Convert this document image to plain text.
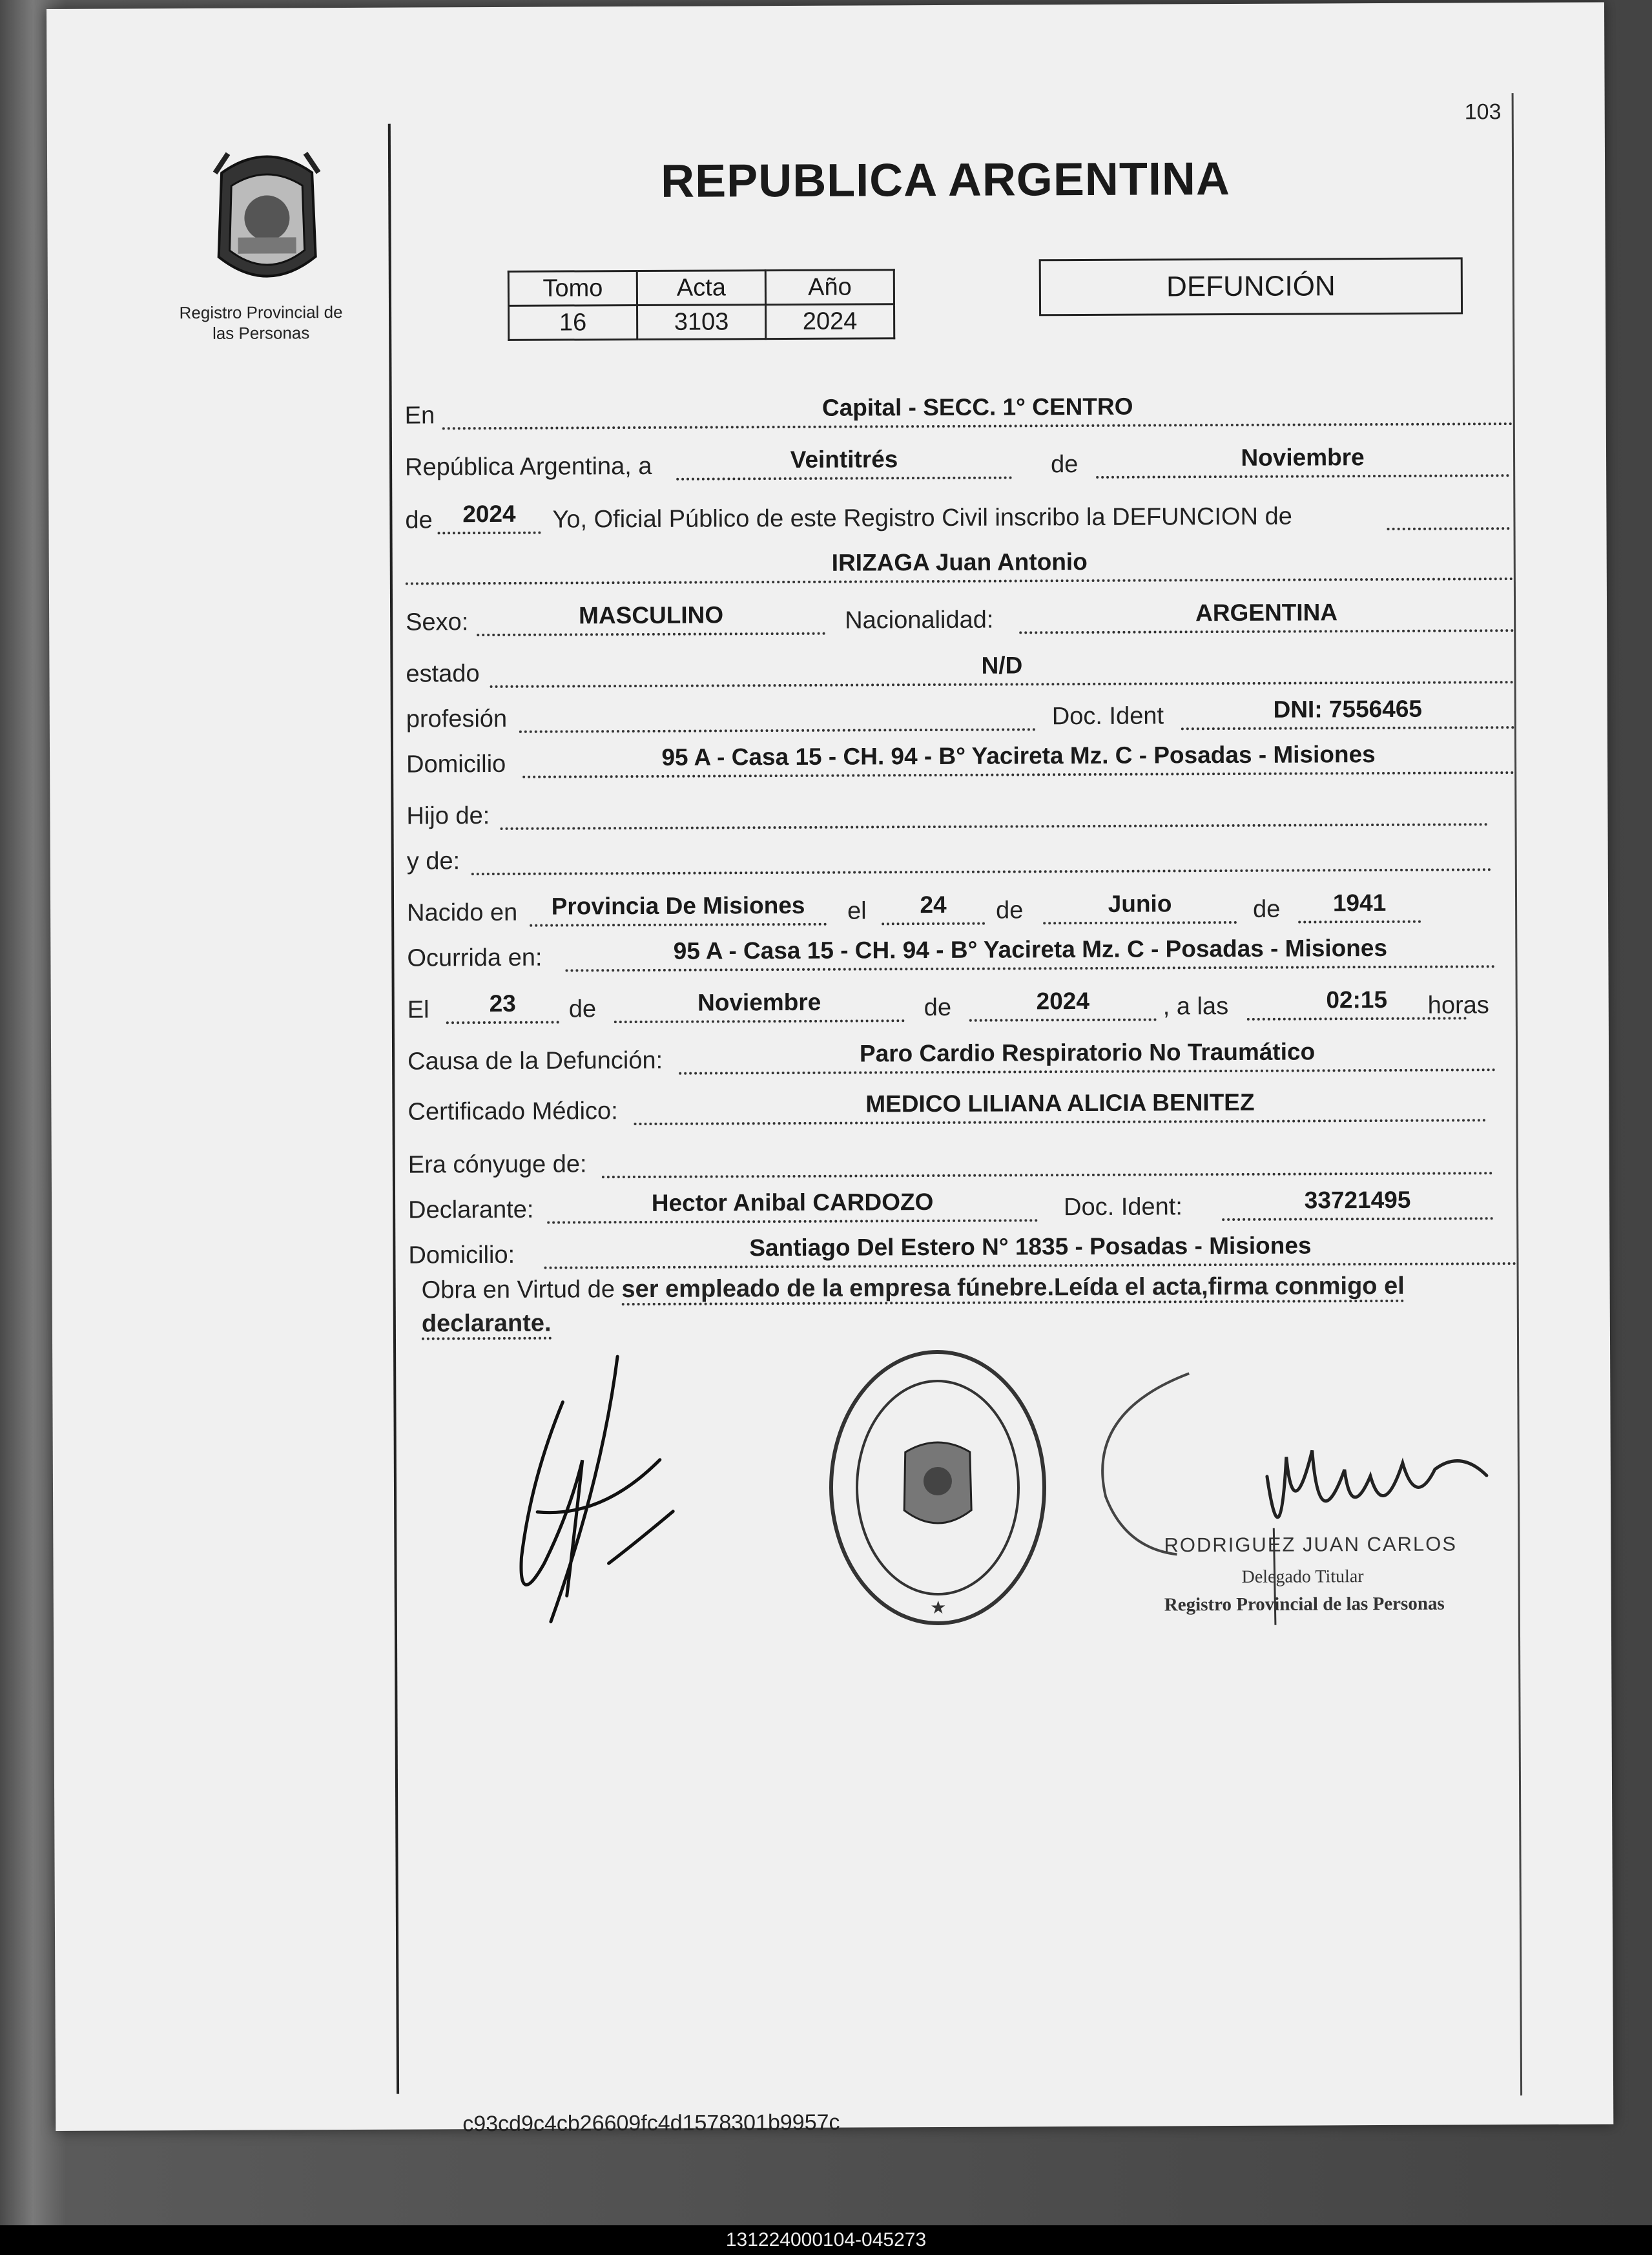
103
Registro Provincial de
las Personas
REPUBLICA ARGENTINA
Tomo	Acta	Año
16	3103	2024
DEFUNCIÓN
En	Capital - SECC. 1° CENTRO
República Argentina, a	Veintitrés	de	Noviembre
de	2024	Yo, Oficial Público de este Registro Civil inscribo la DEFUNCION de
IRIZAGA Juan Antonio
Sexo:	MASCULINO	Nacionalidad:	ARGENTINA
estado	N/D
profesión	Doc. Ident	DNI: 7556465
Domicilio	95 A - Casa 15 - CH. 94 - B° Yacireta Mz. C - Posadas - Misiones
Hijo de:
y de:
Nacido en	Provincia De Misiones	el	24	de	Junio	de	1941
Ocurrida en:	95 A - Casa 15 - CH. 94 - B° Yacireta Mz. C - Posadas - Misiones
El	23	de	Noviembre	de	2024	, a las	02:15	horas
Causa de la Defunción:	Paro Cardio Respiratorio No Traumático
Certificado Médico:	MEDICO LILIANA ALICIA BENITEZ
Era cónyuge de:
Declarante:	Hector Anibal CARDOZO	Doc. Ident:	33721495
Domicilio:	Santiago Del Estero N° 1835 - Posadas - Misiones
Obra en Virtud de ser empleado de la empresa fúnebre.Leída el acta,firma conmigo el declarante.
★
RODRIGUEZ JUAN CARLOS
Delegado Titular
Registro Provincial de las Personas
c93cd9c4cb26609fc4d1578301b9957c
131224000104-045273
